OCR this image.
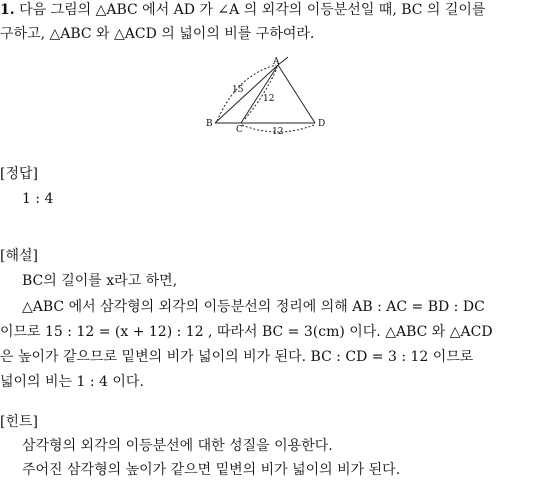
1. 다음 그림의 △ABC 에서 AD 가 ∠A 의 외각의 이등분선일 때, BC 의 길이를
구하고, △ABC 와 △ACD 의 넓이의 비를 구하여라.
A
B
C
D
15
12
12
[정답]
1 : 4
[해설]
BC의 길이를 x라고 하면,
△ABC 에서 삼각형의 외각의 이등분선의 정리에 의해 AB : AC = BD : DC
이므로 15 : 12 = (x + 12) : 12 , 따라서 BC = 3(cm) 이다. △ABC 와 △ACD
은 높이가 같으므로 밑변의 비가 넓이의 비가 된다. BC : CD = 3 : 12 이므로
넓이의 비는 1 : 4 이다.
[힌트]
삼각형의 외각의 이등분선에 대한 성질을 이용한다.
주어진 삼각형의 높이가 같으면 밑변의 비가 넓이의 비가 된다.
